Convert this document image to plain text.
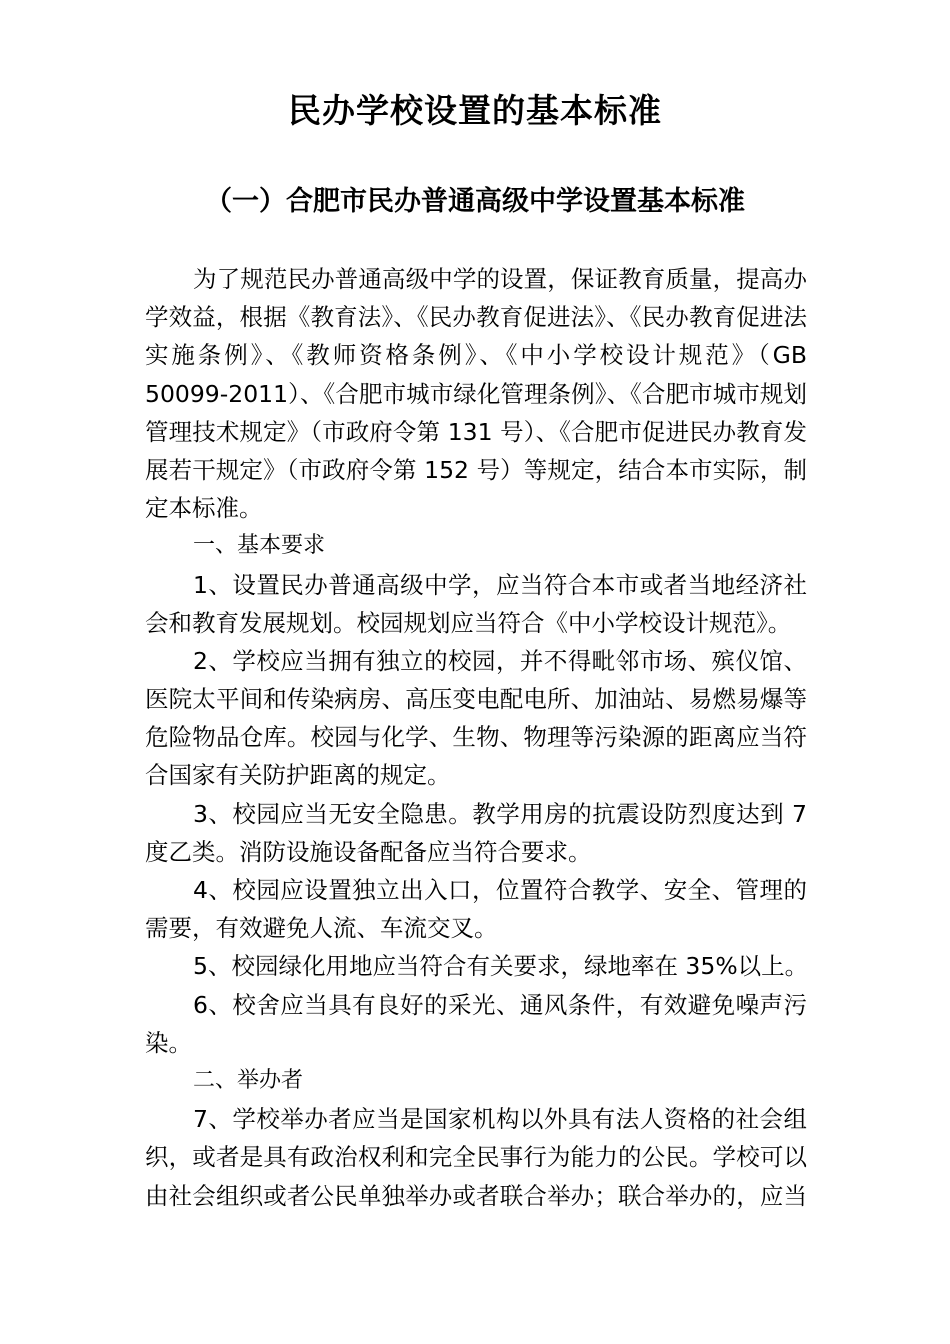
民办学校设置的基本标准
（一）合肥市民办普通高级中学设置基本标准
为了规范民办普通高级中学的设置，保证教育质量，提高办
学效益，根据《教育法》、《民办教育促进法》、《民办教育促进法
实施条例》、《教师资格条例》、《中小学校设计规范》（GB
50099-2011）、《合肥市城市绿化管理条例》、《合肥市城市规划
管理技术规定》（市政府令第 131 号）、《合肥市促进民办教育发
展若干规定》（市政府令第 152 号）等规定，结合本市实际，制
定本标准。
一、基本要求
1、设置民办普通高级中学，应当符合本市或者当地经济社
会和教育发展规划。校园规划应当符合《中小学校设计规范》。
2、学校应当拥有独立的校园，并不得毗邻市场、殡仪馆、
医院太平间和传染病房、高压变电配电所、加油站、易燃易爆等
危险物品仓库。校园与化学、生物、物理等污染源的距离应当符
合国家有关防护距离的规定。
3、校园应当无安全隐患。教学用房的抗震设防烈度达到 7
度乙类。消防设施设备配备应当符合要求。
4、校园应设置独立出入口，位置符合教学、安全、管理的
需要，有效避免人流、车流交叉。
5、校园绿化用地应当符合有关要求，绿地率在 35%以上。
6、校舍应当具有良好的采光、通风条件，有效避免噪声污
染。
二、举办者
7、学校举办者应当是国家机构以外具有法人资格的社会组
织，或者是具有政治权利和完全民事行为能力的公民。学校可以
由社会组织或者公民单独举办或者联合举办；联合举办的，应当
